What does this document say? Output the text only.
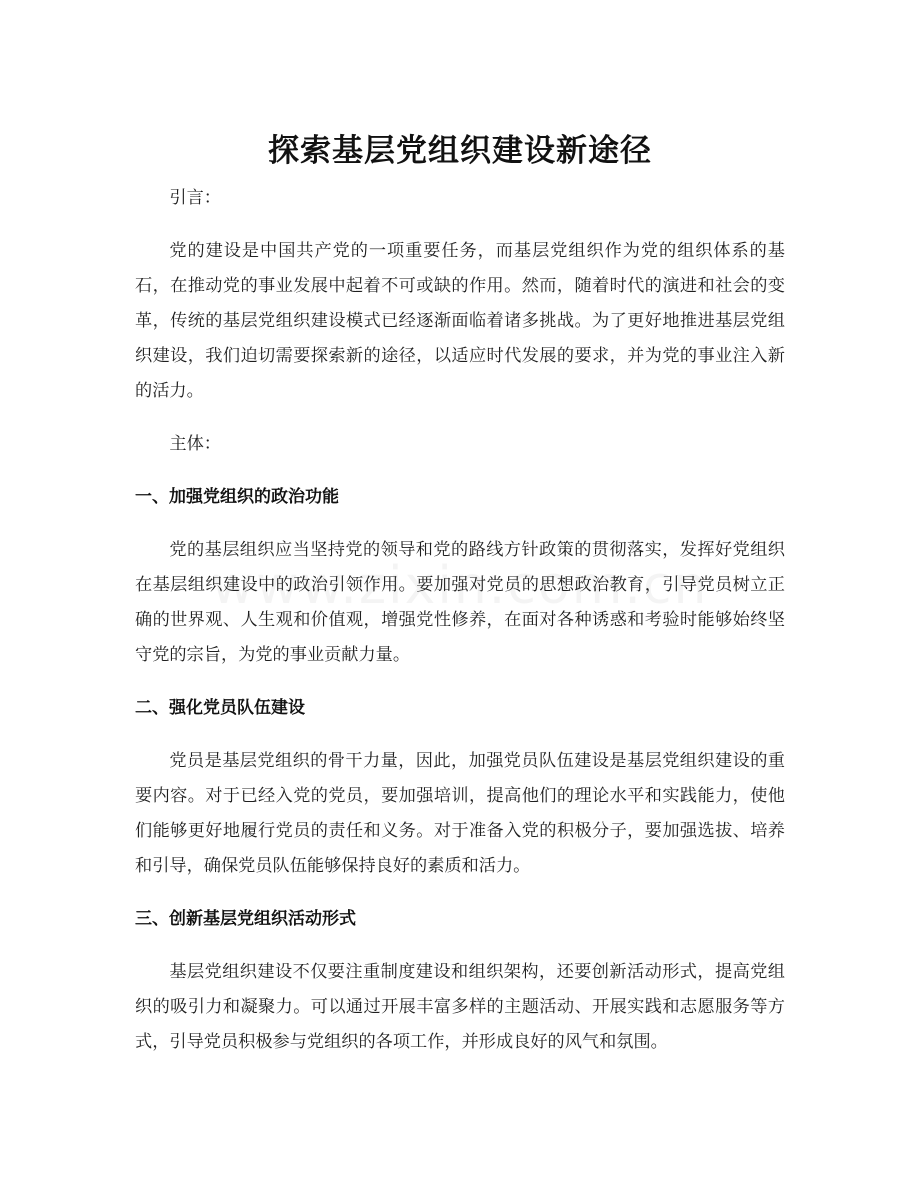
探索基层党组织建设新途径

引言：

党的建设是中国共产党的一项重要任务，而基层党组织作为党的组织体系的基石，在推动党的事业发展中起着不可或缺的作用。然而，随着时代的演进和社会的变革，传统的基层党组织建设模式已经逐渐面临着诸多挑战。为了更好地推进基层党组织建设，我们迫切需要探索新的途径，以适应时代发展的要求，并为党的事业注入新的活力。

主体：

一、加强党组织的政治功能

党的基层组织应当坚持党的领导和党的路线方针政策的贯彻落实，发挥好党组织在基层组织建设中的政治引领作用。要加强对党员的思想政治教育，引导党员树立正确的世界观、人生观和价值观，增强党性修养，在面对各种诱惑和考验时能够始终坚守党的宗旨，为党的事业贡献力量。

二、强化党员队伍建设

党员是基层党组织的骨干力量，因此，加强党员队伍建设是基层党组织建设的重要内容。对于已经入党的党员，要加强培训，提高他们的理论水平和实践能力，使他们能够更好地履行党员的责任和义务。对于准备入党的积极分子，要加强选拔、培养和引导，确保党员队伍能够保持良好的素质和活力。

三、创新基层党组织活动形式

基层党组织建设不仅要注重制度建设和组织架构，还要创新活动形式，提高党组织的吸引力和凝聚力。可以通过开展丰富多样的主题活动、开展实践和志愿服务等方式，引导党员积极参与党组织的各项工作，并形成良好的风气和氛围。
